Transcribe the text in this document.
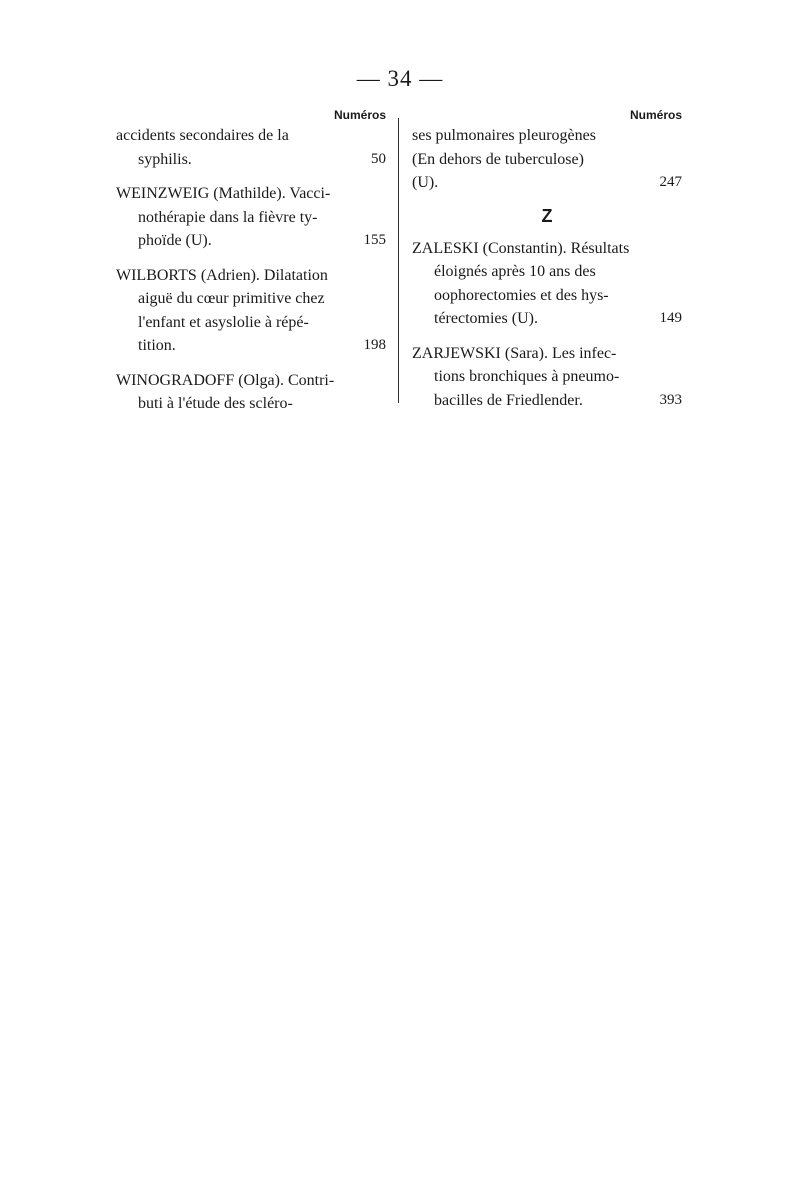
— 34 —
Numéros
accidents secondaires de la
syphilis.	50
WEINZWEIG (Mathilde). Vacci-
nothérapie dans la fièvre ty-
phoïde (U).	155
WILBORTS (Adrien). Dilatation
aiguë du cœur primitive chez
l'enfant et asyslolie à répé-
tition.	198
WINOGRADOFF (Olga). Contri-
buti à l'étude des scléro-
Numéros
ses pulmonaires pleurogènes
(En dehors de tuberculose)
(U).	247
Z
ZALESKI (Constantin). Résultats
éloignés après 10 ans des
oophorectomies et des hys-
térectomies (U).	149
ZARJEWSKI (Sara). Les infec-
tions bronchiques à pneumo-
bacilles de Friedlender.	393
